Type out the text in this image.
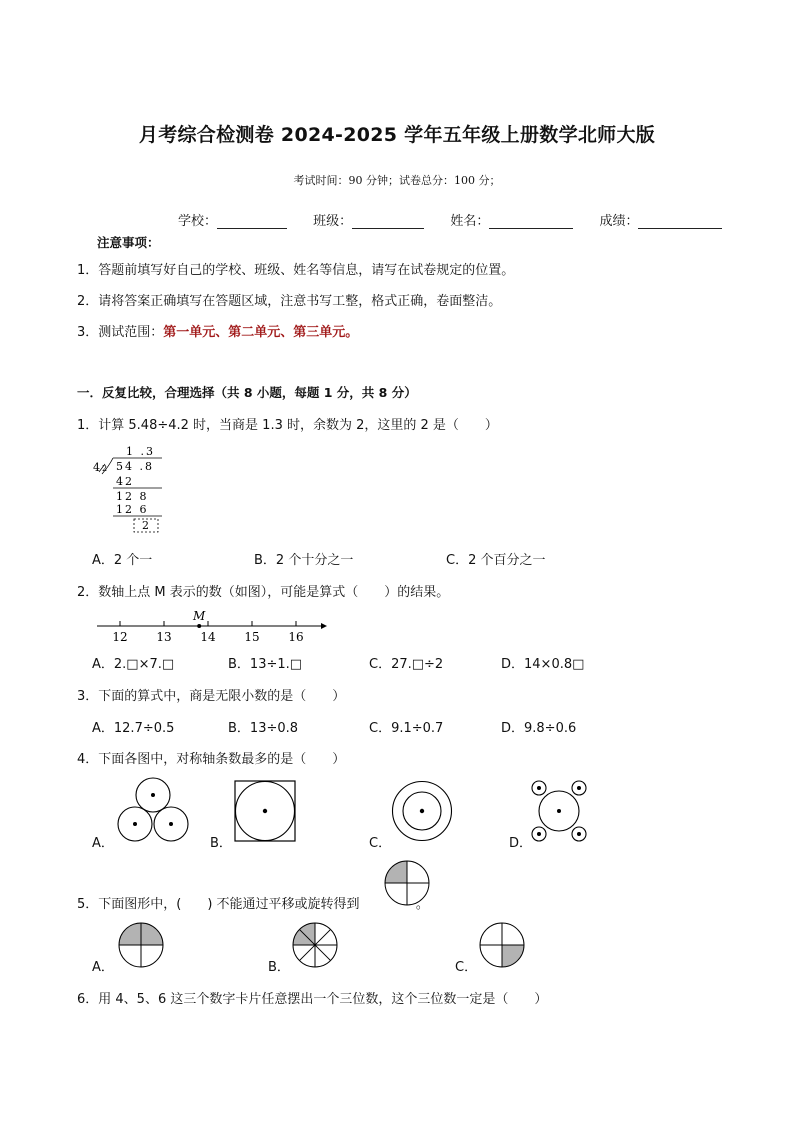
月考综合检测卷 2024-2025 学年五年级上册数学北师大版
考试时间：90 分钟；试卷总分：100 分；
学校：	班级：	姓名：	成绩：
注意事项：
1．答题前填写好自己的学校、班级、姓名等信息，请写在试卷规定的位置。
2．请将答案正确填写在答题区域，注意书写工整，格式正确，卷面整洁。
3．测试范围：第一单元、第二单元、第三单元。
一．反复比较，合理选择（共 8 小题，每题 1 分，共 8 分）
1．计算 5.48÷4.2 时，当商是 1.3 时，余数为 2，这里的 2 是（　　）
1 .3
4 2 54 .8
42
12 8
12 6
2
A．2 个一	B．2 个十分之一	C．2 个百分之一
2．数轴上点 M 表示的数（如图），可能是算式（　　）的结果。
12 13 14 15 16
M
A．2.□×7.□	B．13÷1.□	C．27.□÷2	D．14×0.8□
3．下面的算式中，商是无限小数的是（　　）
A．12.7÷0.5	B．13÷0.8	C．9.1÷0.7	D．9.8÷0.6
4．下面各图中，对称轴条数最多的是（　　）
A．	B．	C．	D．
5．下面图形中，(　　) 不能通过平移或旋转得到	。
A．	B．	C．
6．用 4、5、6 这三个数字卡片任意摆出一个三位数，这个三位数一定是（　　）
